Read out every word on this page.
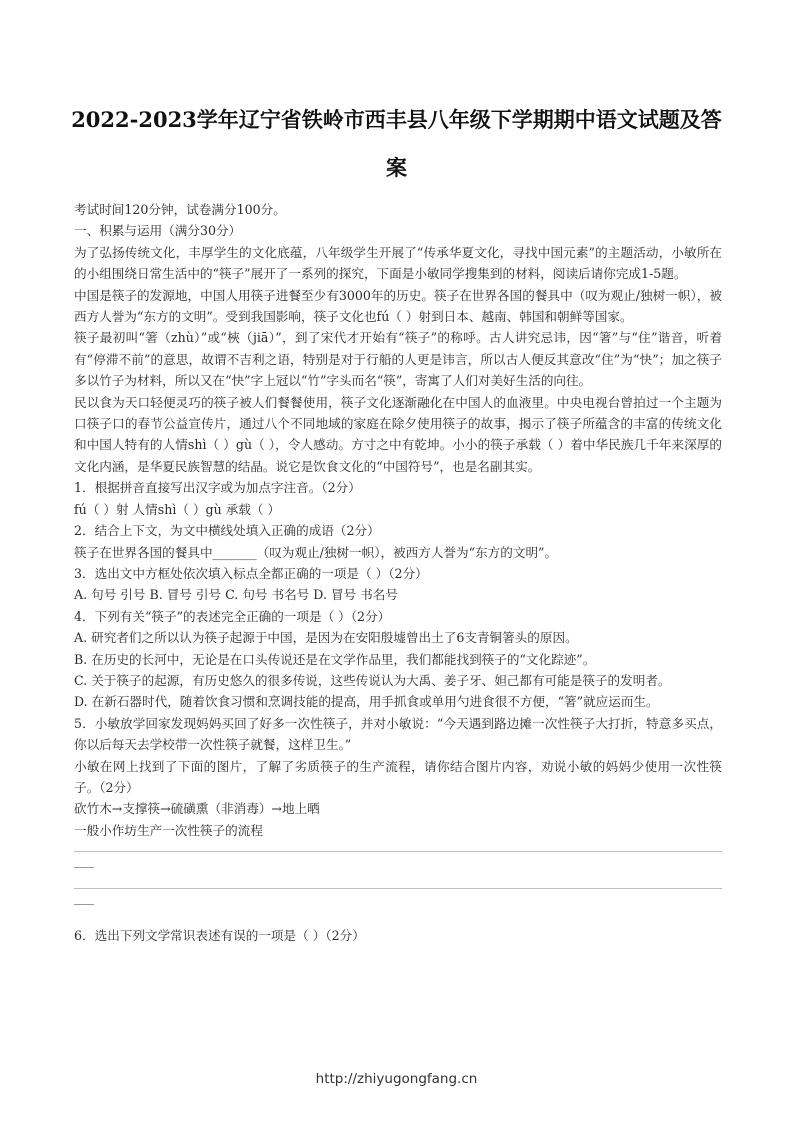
2022-2023学年辽宁省铁岭市西丰县八年级下学期期中语文试题及答
案

考试时间120分钟，试卷满分100分。

一、积累与运用（满分30分）

为了弘扬传统文化，丰厚学生的文化底蕴，八年级学生开展了“传承华夏文化，寻找中国元素”的主题活动，小敏所在的小组围绕日常生活中的“筷子”展开了一系列的探究，下面是小敏同学搜集到的材料，阅读后请你完成1-5题。

中国是筷子的发源地，中国人用筷子进餐至少有3000年的历史。筷子在世界各国的餐具中（叹为观止/独树一帜），被西方人誉为“东方的文明”。受到我国影响，筷子文化也fú（ ）射到日本、越南、韩国和朝鲜等国家。

筷子最初叫“箸（zhù）”或“梜（jiā）”，到了宋代才开始有“筷子”的称呼。古人讲究忌讳，因“箸”与“住”谐音，听着有“停滞不前”的意思，故谓不吉利之语，特别是对于行船的人更是讳言，所以古人便反其意改“住”为“快”；加之筷子多以竹子为材料，所以又在“快”字上冠以“竹”字头而名“筷”，寄寓了人们对美好生活的向往。

民以食为天口轻便灵巧的筷子被人们餐餐使用，筷子文化逐渐融化在中国人的血液里。中央电视台曾拍过一个主题为口筷子口的春节公益宣传片，通过八个不同地域的家庭在除夕使用筷子的故事，揭示了筷子所蕴含的丰富的传统文化和中国人特有的人情shì（ ）gù（ ），令人感动。方寸之中有乾坤。小小的筷子承载（ ）着中华民族几千年来深厚的文化内涵，是华夏民族智慧的结晶。说它是饮食文化的“中国符号”，也是名副其实。

1．根据拼音直接写出汉字或为加点字注音。（2分）

fú（ ）射 人情shì（ ）gù 承载（ ）

2．结合上下文，为文中横线处填入正确的成语（2分）

筷子在世界各国的餐具中_______（叹为观止/独树一帜），被西方人誉为“东方的文明”。

3．选出文中方框处依次填入标点全都正确的一项是（ ）（2分）

A. 句号 引号 B. 冒号 引号 C. 句号 书名号 D. 冒号 书名号

4．下列有关“筷子”的表述完全正确的一项是（ ）（2分）

A. 研究者们之所以认为筷子起源于中国，是因为在安阳殷墟曾出土了6支青铜箸头的原因。

B. 在历史的长河中，无论是在口头传说还是在文学作品里，我们都能找到筷子的“文化踪迹”。

C. 关于筷子的起源，有历史悠久的很多传说，这些传说认为大禹、姜子牙、妲己都有可能是筷子的发明者。

D. 在新石器时代，随着饮食习惯和烹调技能的提高，用手抓食或单用勺进食很不方便，“箸”就应运而生。

5．小敏放学回家发现妈妈买回了好多一次性筷子，并对小敏说：“今天遇到路边摊一次性筷子大打折，特意多买点，你以后每天去学校带一次性筷子就餐，这样卫生。”

小敏在网上找到了下面的图片，了解了劣质筷子的生产流程，请你结合图片内容，劝说小敏的妈妈少使用一次性筷子。（2分）

砍竹木→支撑筷→硫磺熏（非消毒）→地上晒

一般小作坊生产一次性筷子的流程

6．选出下列文学常识表述有误的一项是（ ）（2分）

http://zhiyugongfang.cn
